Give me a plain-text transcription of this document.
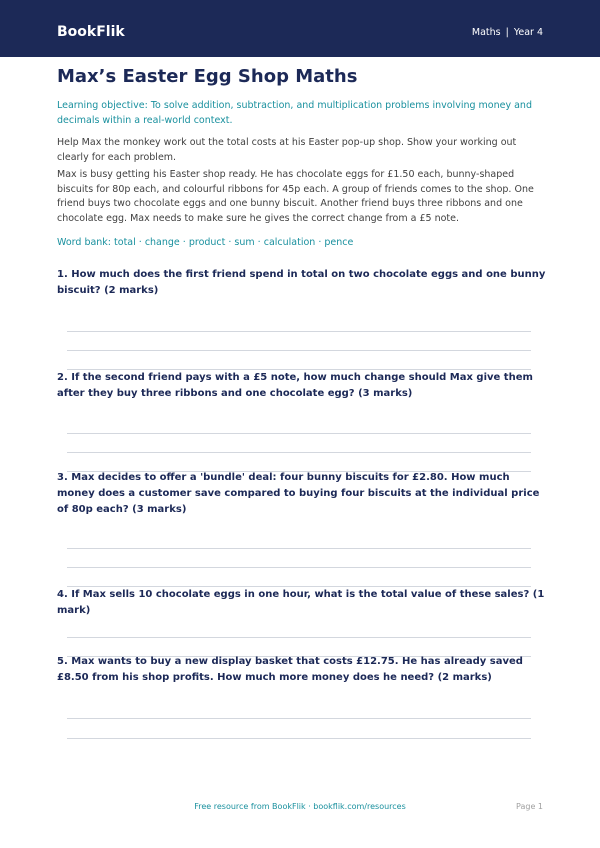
BookFlik	Maths | Year 4
Max’s Easter Egg Shop Maths

Learning objective: To solve addition, subtraction, and multiplication problems involving money and decimals within a real-world context.

Help Max the monkey work out the total costs at his Easter pop-up shop. Show your working out clearly for each problem.

Max is busy getting his Easter shop ready. He has chocolate eggs for £1.50 each, bunny-shaped biscuits for 80p each, and colourful ribbons for 45p each. A group of friends comes to the shop. One friend buys two chocolate eggs and one bunny biscuit. Another friend buys three ribbons and one chocolate egg. Max needs to make sure he gives the correct change from a £5 note.

Word bank: total · change · product · sum · calculation · pence

1. How much does the first friend spend in total on two chocolate eggs and one bunny biscuit? (2 marks)

2. If the second friend pays with a £5 note, how much change should Max give them after they buy three ribbons and one chocolate egg? (3 marks)

3. Max decides to offer a 'bundle' deal: four bunny biscuits for £2.80. How much money does a customer save compared to buying four biscuits at the individual price of 80p each? (3 marks)

4. If Max sells 10 chocolate eggs in one hour, what is the total value of these sales? (1 mark)

5. Max wants to buy a new display basket that costs £12.75. He has already saved £8.50 from his shop profits. How much more money does he need? (2 marks)

Free resource from BookFlik · bookflik.com/resources	Page 1
